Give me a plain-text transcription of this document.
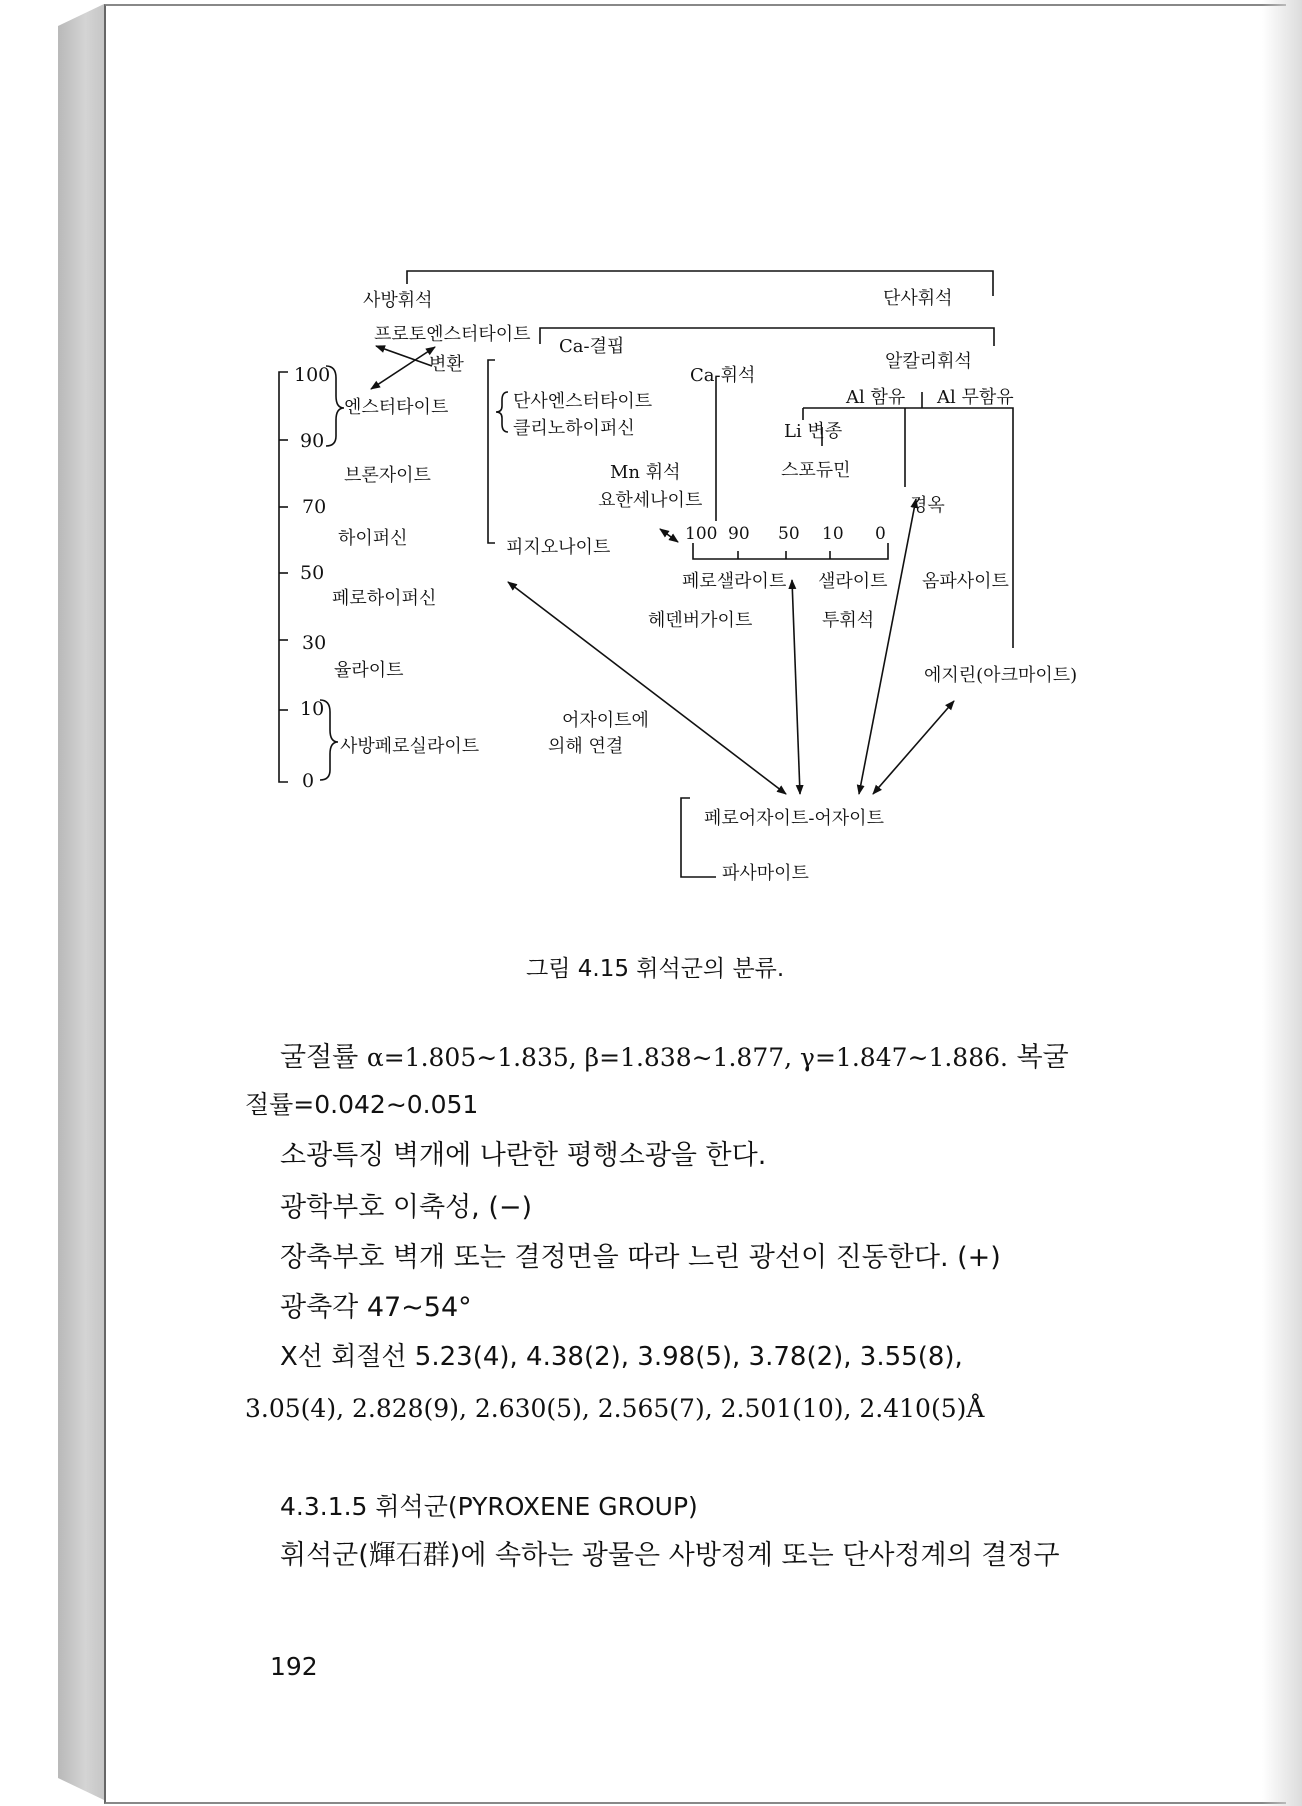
사방휘석	단사휘석
프로토엔스터타이트
Ca-결핍
변환	알칼리휘석
Ca-휘석
Al 함유 Al 무함유
엔스터타이트	단사엔스터타이트
클리노하이퍼신	Li 변종
스포듀민
브론자이트	Mn 휘석
요한세나이트	경옥
하이퍼신	피지오나이트
페로샐라이트 샐라이트 옴파사이트
페로하이퍼신
헤덴버가이트	투휘석
율라이트	에지린(아크마이트)
어자이트에
의해 연결
사방페로실라이트
페로어자이트-어자이트
파사마이트
100
90
70
50
30
10
0
100 90 50 10 0
그림 4.15 휘석군의 분류.
굴절률 α=1.805∼1.835, β=1.838∼1.877, γ=1.847∼1.886. 복굴
절률=0.042∼0.051
소광특징 벽개에 나란한 평행소광을 한다.
광학부호 이축성, (−)
장축부호 벽개 또는 결정면을 따라 느린 광선이 진동한다. (+)
광축각 47∼54°
X선 회절선 5.23(4), 4.38(2), 3.98(5), 3.78(2), 3.55(8),
3.05(4), 2.828(9), 2.630(5), 2.565(7), 2.501(10), 2.410(5)Å
4.3.1.5 휘석군(PYROXENE GROUP)
휘석군(輝石群)에 속하는 광물은 사방정계 또는 단사정계의 결정구
192
